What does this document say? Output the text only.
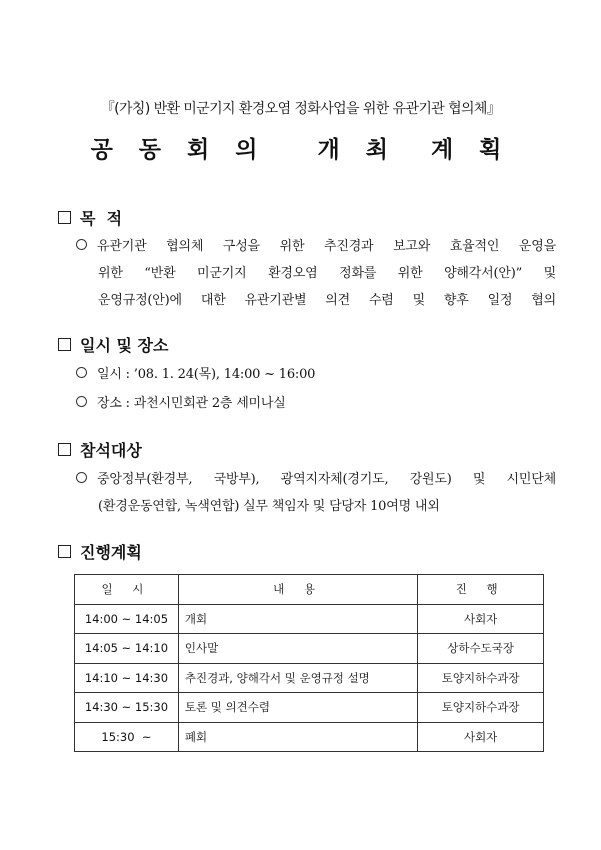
『(가칭) 반환 미군기지 환경오염 정화사업을 위한 유관기관 협의체』
공 동 회 의   개 최  계 획
목  적
유관기관 협의체 구성을 위한 추진경과 보고와 효율적인 운영을
위한 “반환 미군기지 환경오염 정화를 위한 양해각서(안)” 및
운영규정(안)에 대한 유관기관별 의견 수렴 및 향후 일정 협의
일시 및 장소
일시 : ’08. 1. 24(목), 14:00 ~ 16:00
장소 : 과천시민회관 2층 세미나실
참석대상
중앙정부(환경부, 국방부), 광역지자체(경기도, 강원도) 및 시민단체
(환경운동연합, 녹색연합) 실무 책임자 및 담당자 10여명 내외
진행계획
일 시	내 용	진 행
14:00 ~ 14:05	개회	사회자
14:05 ~ 14:10	인사말	상하수도국장
14:10 ~ 14:30	추진경과, 양해각서 및 운영규정 설명	토양지하수과장
14:30 ~ 15:30	토론 및 의견수렴	토양지하수과장
15:30  ~	폐회	사회자
